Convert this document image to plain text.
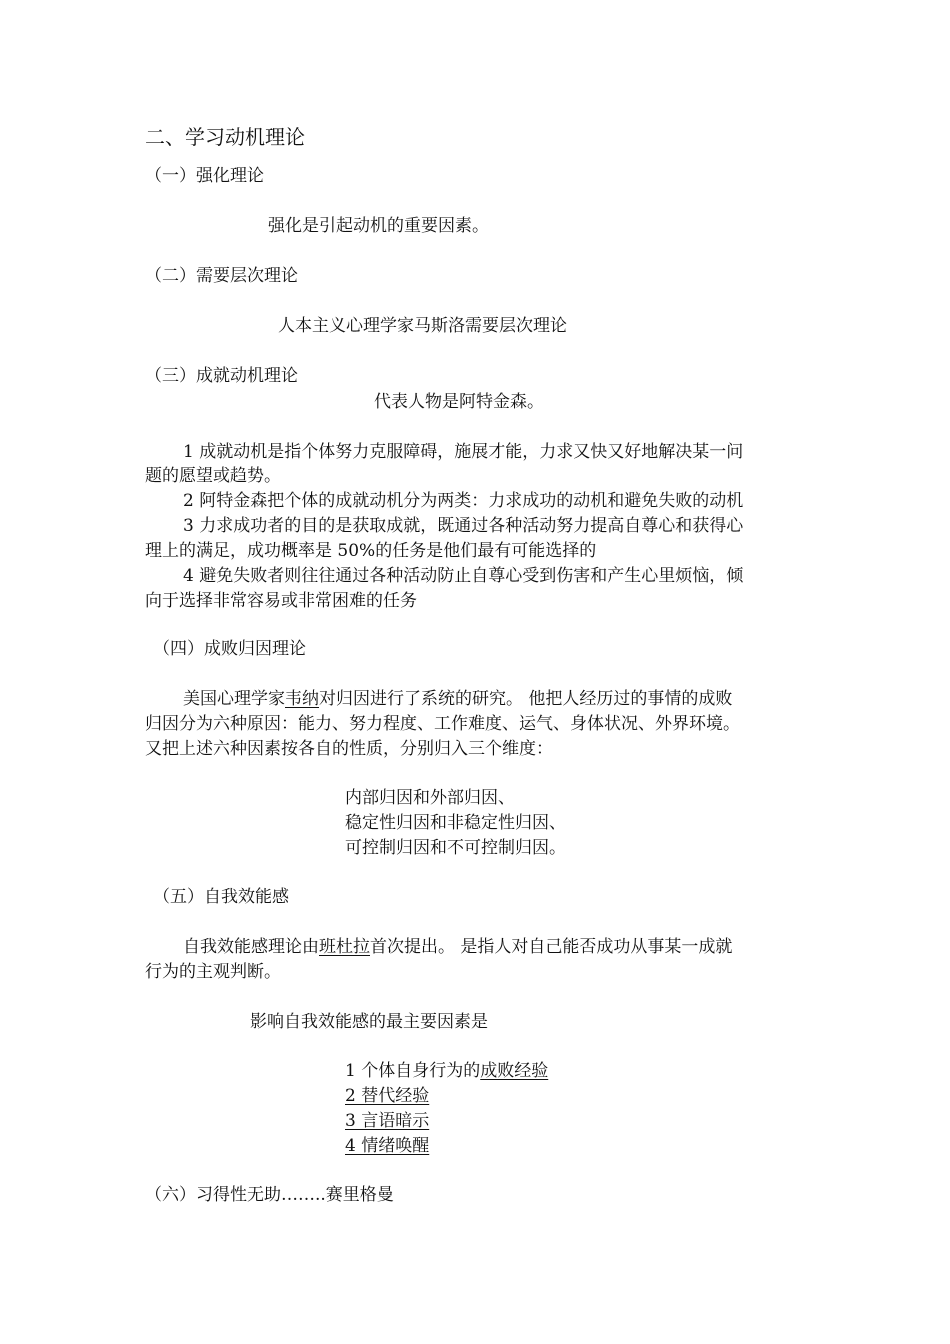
二、学习动机理论
（一）强化理论
强化是引起动机的重要因素。
（二）需要层次理论
人本主义心理学家马斯洛需要层次理论
（三）成就动机理论
代表人物是阿特金森。
1 成就动机是指个体努力克服障碍，施展才能，力求又快又好地解决某一问
题的愿望或趋势。
2 阿特金森把个体的成就动机分为两类：力求成功的动机和避免失败的动机
3 力求成功者的目的是获取成就，既通过各种活动努力提高自尊心和获得心
理上的满足，成功概率是 50%的任务是他们最有可能选择的
4 避免失败者则往往通过各种活动防止自尊心受到伤害和产生心里烦恼，倾
向于选择非常容易或非常困难的任务
（四）成败归因理论
美国心理学家韦纳对归因进行了系统的研究。 他把人经历过的事情的成败
归因分为六种原因：能力、努力程度、工作难度、运气、身体状况、外界环境。
又把上述六种因素按各自的性质，分别归入三个维度：
内部归因和外部归因、
稳定性归因和非稳定性归因、
可控制归因和不可控制归因。
（五）自我效能感
自我效能感理论由班杜拉首次提出。 是指人对自己能否成功从事某一成就
行为的主观判断。
影响自我效能感的最主要因素是
1 个体自身行为的成败经验
2 替代经验
3 言语暗示
4 情绪唤醒
（六）习得性无助……..赛里格曼
